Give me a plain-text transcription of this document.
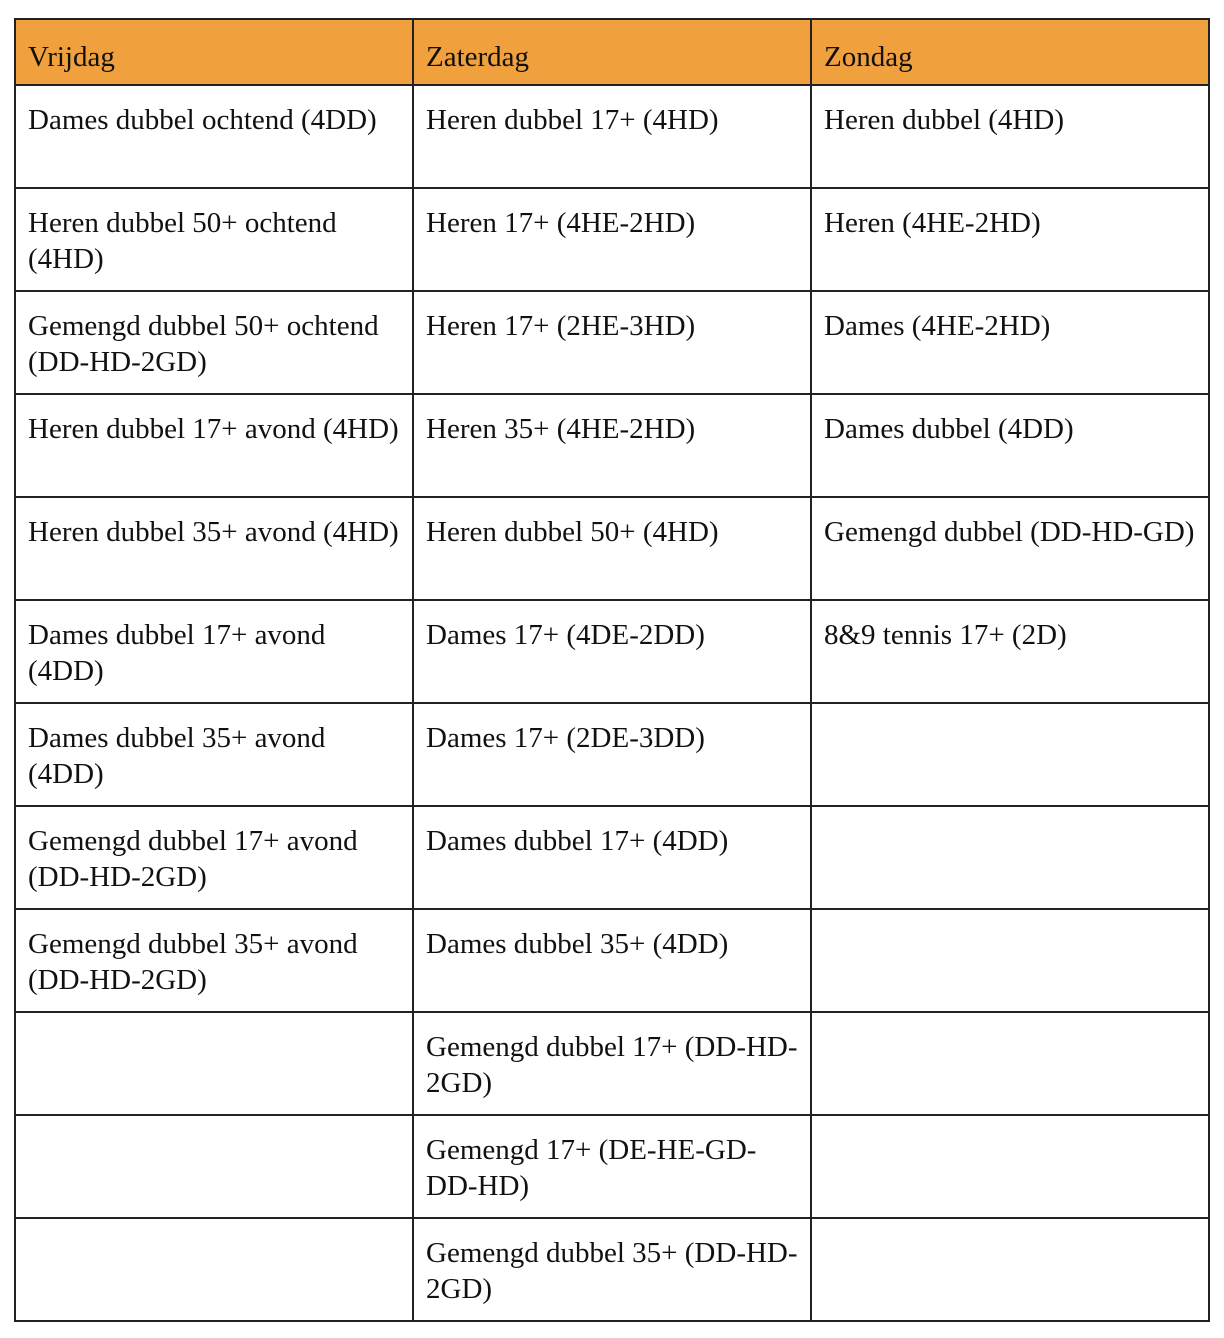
Vrijdag	Zaterdag	Zondag
Dames dubbel ochtend (4DD)	Heren dubbel 17+ (4HD)	Heren dubbel (4HD)
Heren dubbel 50+ ochtend (4HD)	Heren 17+ (4HE-2HD)	Heren (4HE-2HD)
Gemengd dubbel 50+ ochtend (DD-HD-2GD)	Heren 17+ (2HE-3HD)	Dames (4HE-2HD)
Heren dubbel 17+ avond (4HD)	Heren 35+ (4HE-2HD)	Dames dubbel (4DD)
Heren dubbel 35+ avond (4HD)	Heren dubbel 50+ (4HD)	Gemengd dubbel (DD-HD-GD)
Dames dubbel 17+ avond (4DD)	Dames 17+ (4DE-2DD)	8&9 tennis 17+ (2D)
Dames dubbel 35+ avond (4DD)	Dames 17+ (2DE-3DD)	
Gemengd dubbel 17+ avond (DD-HD-2GD)	Dames dubbel 17+ (4DD)	
Gemengd dubbel 35+ avond (DD-HD-2GD)	Dames dubbel 35+ (4DD)	
	Gemengd dubbel 17+ (DD-HD-2GD)	
	Gemengd 17+ (DE-HE-GD-DD-HD)	
	Gemengd dubbel 35+ (DD-HD-2GD)	
